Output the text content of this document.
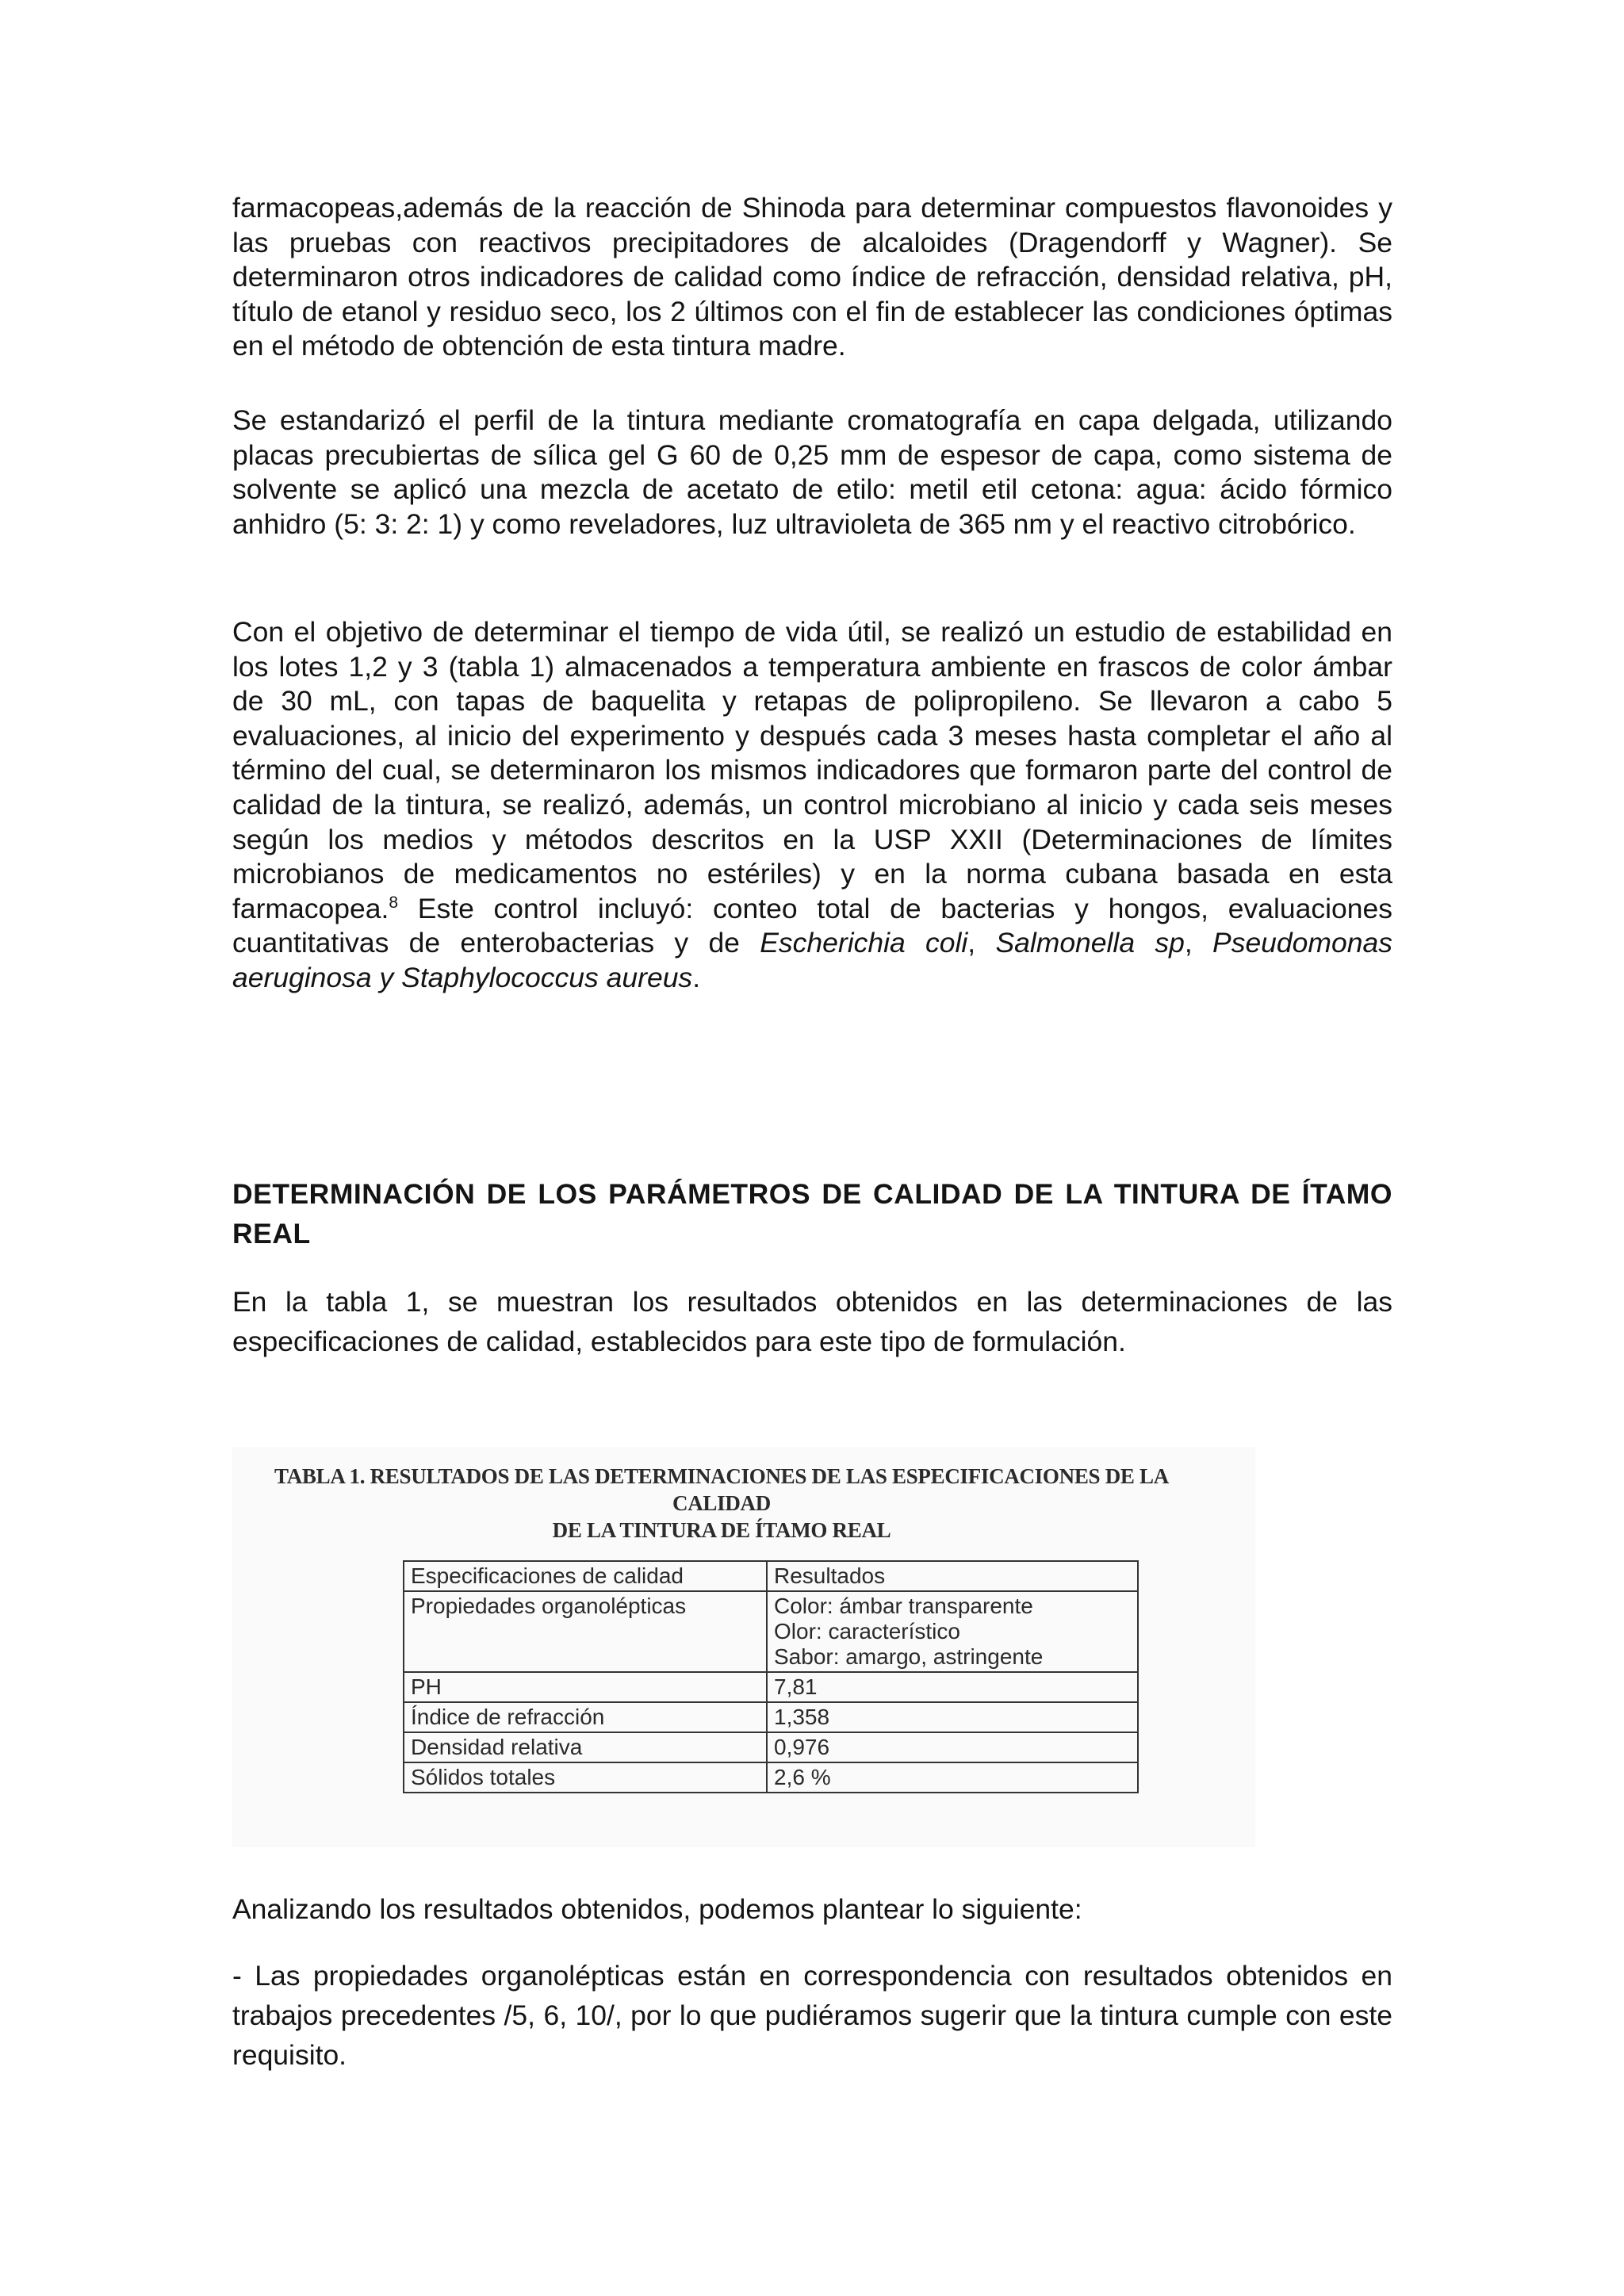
farmacopeas,además de la reacción de Shinoda para determinar compuestos flavonoides y las pruebas con reactivos precipitadores de alcaloides (Dragendorff y Wagner). Se determinaron otros indicadores de calidad como índice de refracción, densidad relativa, pH, título de etanol y residuo seco, los 2 últimos con el fin de establecer las condiciones óptimas en el método de obtención de esta tintura madre.

Se estandarizó el perfil de la tintura mediante cromatografía en capa delgada, utilizando placas precubiertas de sílica gel G 60 de 0,25 mm de espesor de capa, como sistema de solvente se aplicó una mezcla de acetato de etilo: metil etil cetona: agua: ácido fórmico anhidro (5: 3: 2: 1) y como reveladores, luz ultravioleta de 365 nm y el reactivo citrobórico.

Con el objetivo de determinar el tiempo de vida útil, se realizó un estudio de estabilidad en los lotes 1,2 y 3 (tabla 1) almacenados a temperatura ambiente en frascos de color ámbar de 30 mL, con tapas de baquelita y retapas de polipropileno. Se llevaron a cabo 5 evaluaciones, al inicio del experimento y después cada 3 meses hasta completar el año al término del cual, se determinaron los mismos indicadores que formaron parte del control de calidad de la tintura, se realizó, además, un control microbiano al inicio y cada seis meses según los medios y métodos descritos en la USP XXII (Determinaciones de límites microbianos de medicamentos no estériles) y en la norma cubana basada en esta farmacopea.$^8$ Este control incluyó: conteo total de bacterias y hongos, evaluaciones cuantitativas de enterobacterias y de Escherichia coli, Salmonella sp, Pseudomonas aeruginosa y Staphylococcus aureus.

DETERMINACIÓN DE LOS PARÁMETROS DE CALIDAD DE LA TINTURA DE ÍTAMO REAL

En la tabla 1, se muestran los resultados obtenidos en las determinaciones de las especificaciones de calidad, establecidos para este tipo de formulación.

TABLA 1. RESULTADOS DE LAS DETERMINACIONES DE LAS ESPECIFICACIONES DE LA CALIDAD
DE LA TINTURA DE ÍTAMO REAL

Especificaciones de calidad	Resultados
Propiedades organolépticas	Color: ámbar transparente
Olor: característico
Sabor: amargo, astringente

PH	7,81
Índice de refracción	1,358
Densidad relativa	0,976
Sólidos totales	2,6 %

Analizando los resultados obtenidos, podemos plantear lo siguiente:

- Las propiedades organolépticas están en correspondencia con resultados obtenidos en trabajos precedentes /5, 6, 10/, por lo que pudiéramos sugerir que la tintura cumple con este requisito.
